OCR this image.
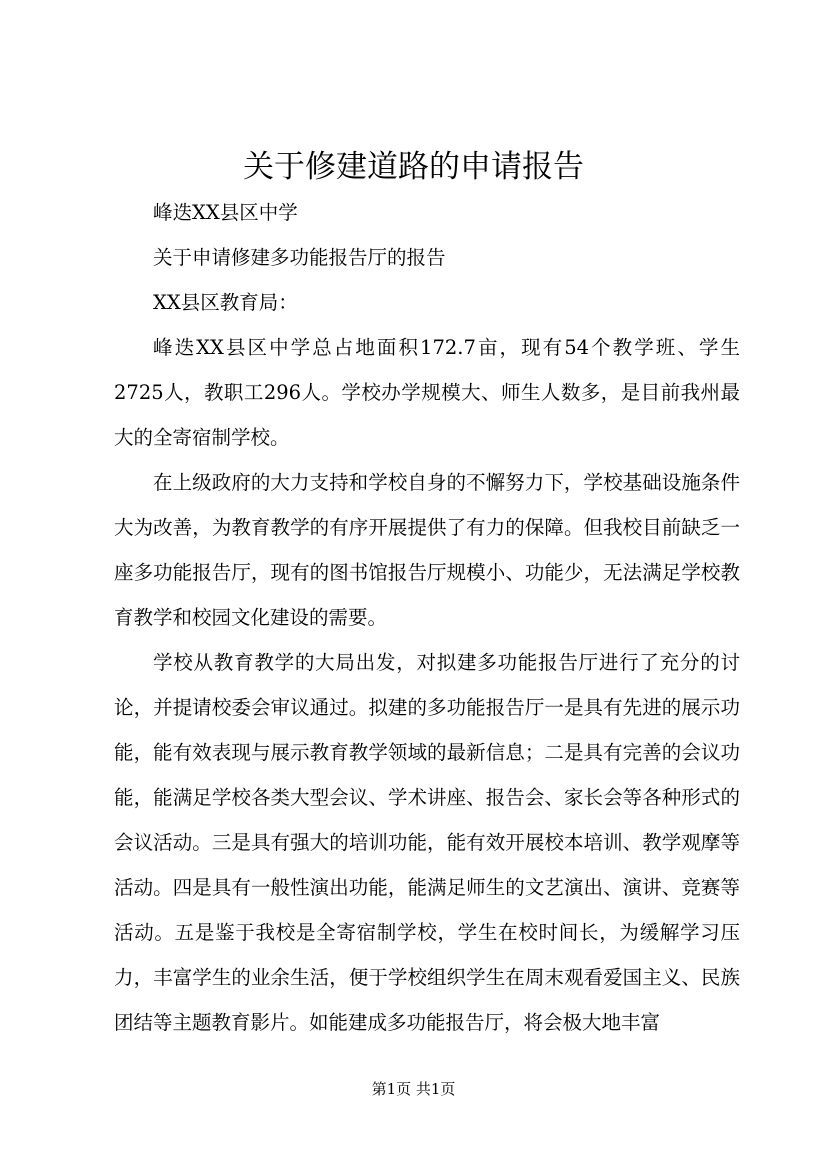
关于修建道路的申请报告

峰迭XX县区中学

关于申请修建多功能报告厅的报告

XX县区教育局：

峰迭XX县区中学总占地面积172.7亩，现有54个教学班、学生2725人，教职工296人。学校办学规模大、师生人数多，是目前我州最大的全寄宿制学校。

在上级政府的大力支持和学校自身的不懈努力下，学校基础设施条件大为改善，为教育教学的有序开展提供了有力的保障。但我校目前缺乏一座多功能报告厅，现有的图书馆报告厅规模小、功能少，无法满足学校教育教学和校园文化建设的需要。

学校从教育教学的大局出发，对拟建多功能报告厅进行了充分的讨论，并提请校委会审议通过。拟建的多功能报告厅一是具有先进的展示功能，能有效表现与展示教育教学领域的最新信息；二是具有完善的会议功能，能满足学校各类大型会议、学术讲座、报告会、家长会等各种形式的会议活动。三是具有强大的培训功能，能有效开展校本培训、教学观摩等活动。四是具有一般性演出功能，能满足师生的文艺演出、演讲、竞赛等活动。五是鉴于我校是全寄宿制学校，学生在校时间长，为缓解学习压力，丰富学生的业余生活，便于学校组织学生在周末观看爱国主义、民族团结等主题教育影片。如能建成多功能报告厅，将会极大地丰富

第1页 共1页
